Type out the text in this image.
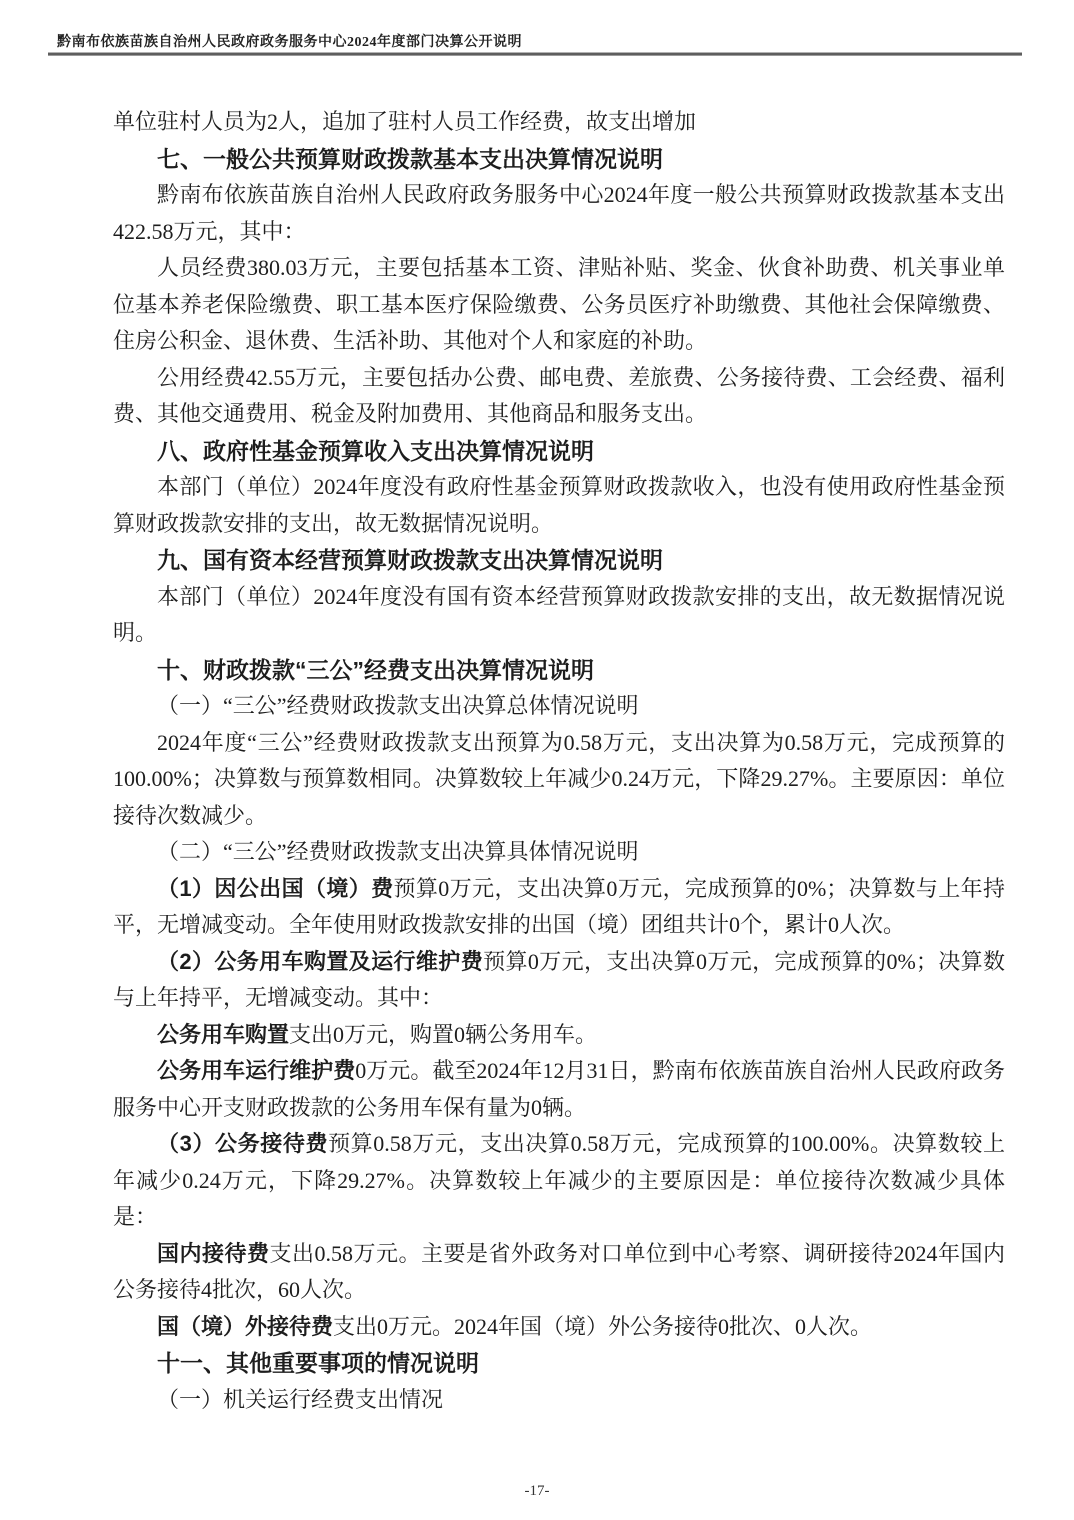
黔南布依族苗族自治州人民政府政务服务中心2024年度部门决算公开说明

单位驻村人员为2人，追加了驻村人员工作经费，故支出增加

七、一般公共预算财政拨款基本支出决算情况说明

黔南布依族苗族自治州人民政府政务服务中心2024年度一般公共预算财政拨款基本支出422.58万元，其中：

人员经费380.03万元，主要包括基本工资、津贴补贴、奖金、伙食补助费、机关事业单位基本养老保险缴费、职工基本医疗保险缴费、公务员医疗补助缴费、其他社会保障缴费、住房公积金、退休费、生活补助、其他对个人和家庭的补助。

公用经费42.55万元，主要包括办公费、邮电费、差旅费、公务接待费、工会经费、福利费、其他交通费用、税金及附加费用、其他商品和服务支出。

八、政府性基金预算收入支出决算情况说明

本部门（单位）2024年度没有政府性基金预算财政拨款收入，也没有使用政府性基金预算财政拨款安排的支出，故无数据情况说明。

九、国有资本经营预算财政拨款支出决算情况说明

本部门（单位）2024年度没有国有资本经营预算财政拨款安排的支出，故无数据情况说明。

十、财政拨款“三公”经费支出决算情况说明

（一）“三公”经费财政拨款支出决算总体情况说明

2024年度“三公”经费财政拨款支出预算为0.58万元，支出决算为0.58万元，完成预算的100.00%；决算数与预算数相同。决算数较上年减少0.24万元，下降29.27%。主要原因：单位接待次数减少。

（二）“三公”经费财政拨款支出决算具体情况说明

（1）因公出国（境）费预算0万元，支出决算0万元，完成预算的0%；决算数与上年持平，无增减变动。全年使用财政拨款安排的出国（境）团组共计0个，累计0人次。

（2）公务用车购置及运行维护费预算0万元，支出决算0万元，完成预算的0%；决算数与上年持平，无增减变动。其中：

公务用车购置支出0万元，购置0辆公务用车。

公务用车运行维护费0万元。截至2024年12月31日，黔南布依族苗族自治州人民政府政务服务中心开支财政拨款的公务用车保有量为0辆。

（3）公务接待费预算0.58万元，支出决算0.58万元，完成预算的100.00%。决算数较上年减少0.24万元，下降29.27%。决算数较上年减少的主要原因是：单位接待次数减少具体是：

国内接待费支出0.58万元。主要是省外政务对口单位到中心考察、调研接待2024年国内公务接待4批次，60人次。

国（境）外接待费支出0万元。2024年国（境）外公务接待0批次、0人次。

十一、其他重要事项的情况说明

（一）机关运行经费支出情况

-17-
